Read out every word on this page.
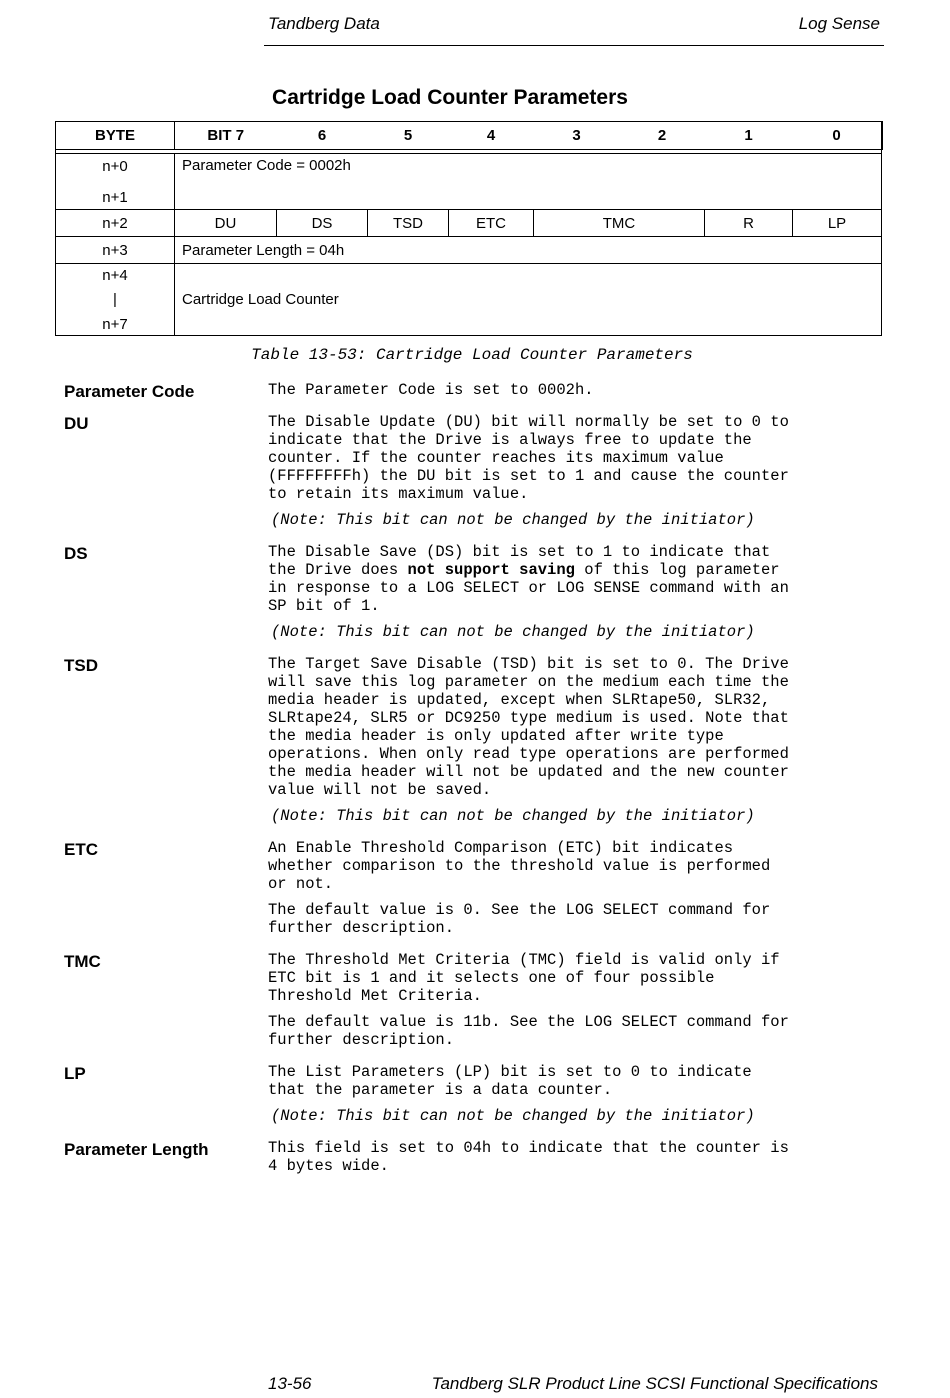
Tandberg Data	Log Sense
Cartridge Load Counter Parameters
BYTE	BIT 7	6	5	4	3	2	1	0

n+0
n+1	Parameter Code = 0002h							
n+2	DU	DS	TSD	ETC	TMC		R	LP
n+3	Parameter Length = 04h							

n+4
|
n+7	Cartridge Load Counter							
Table 13-53: Cartridge Load Counter Parameters
Parameter Code	The Parameter Code is set to 0002h.

DU	The Disable Update (DU) bit will normally be set to 0 to
indicate that the Drive is always free to update the
counter. If the counter reaches its maximum value
(FFFFFFFFh) the DU bit is set to 1 and cause the counter
to retain its maximum value.

(Note: This bit can not be changed by the initiator)

DS	The Disable Save (DS) bit is set to 1 to indicate that
the Drive does not support saving of this log parameter
in response to a LOG SELECT or LOG SENSE command with an
SP bit of 1.

(Note: This bit can not be changed by the initiator)

TSD	The Target Save Disable (TSD) bit is set to 0. The Drive
will save this log parameter on the medium each time the
media header is updated, except when SLRtape50, SLR32,
SLRtape24, SLR5 or DC9250 type medium is used. Note that
the media header is only updated after write type
operations. When only read type operations are performed
the media header will not be updated and the new counter
value will not be saved.

(Note: This bit can not be changed by the initiator)

ETC	An Enable Threshold Comparison (ETC) bit indicates
whether comparison to the threshold value is performed
or not.

The default value is 0. See the LOG SELECT command for
further description.

TMC	The Threshold Met Criteria (TMC) field is valid only if
ETC bit is 1 and it selects one of four possible
Threshold Met Criteria.

The default value is 11b. See the LOG SELECT command for
further description.

LP	The List Parameters (LP) bit is set to 0 to indicate
that the parameter is a data counter.

(Note: This bit can not be changed by the initiator)

Parameter Length	This field is set to 04h to indicate that the counter is
4 bytes wide.

13-56	Tandberg SLR Product Line SCSI Functional Specifications
